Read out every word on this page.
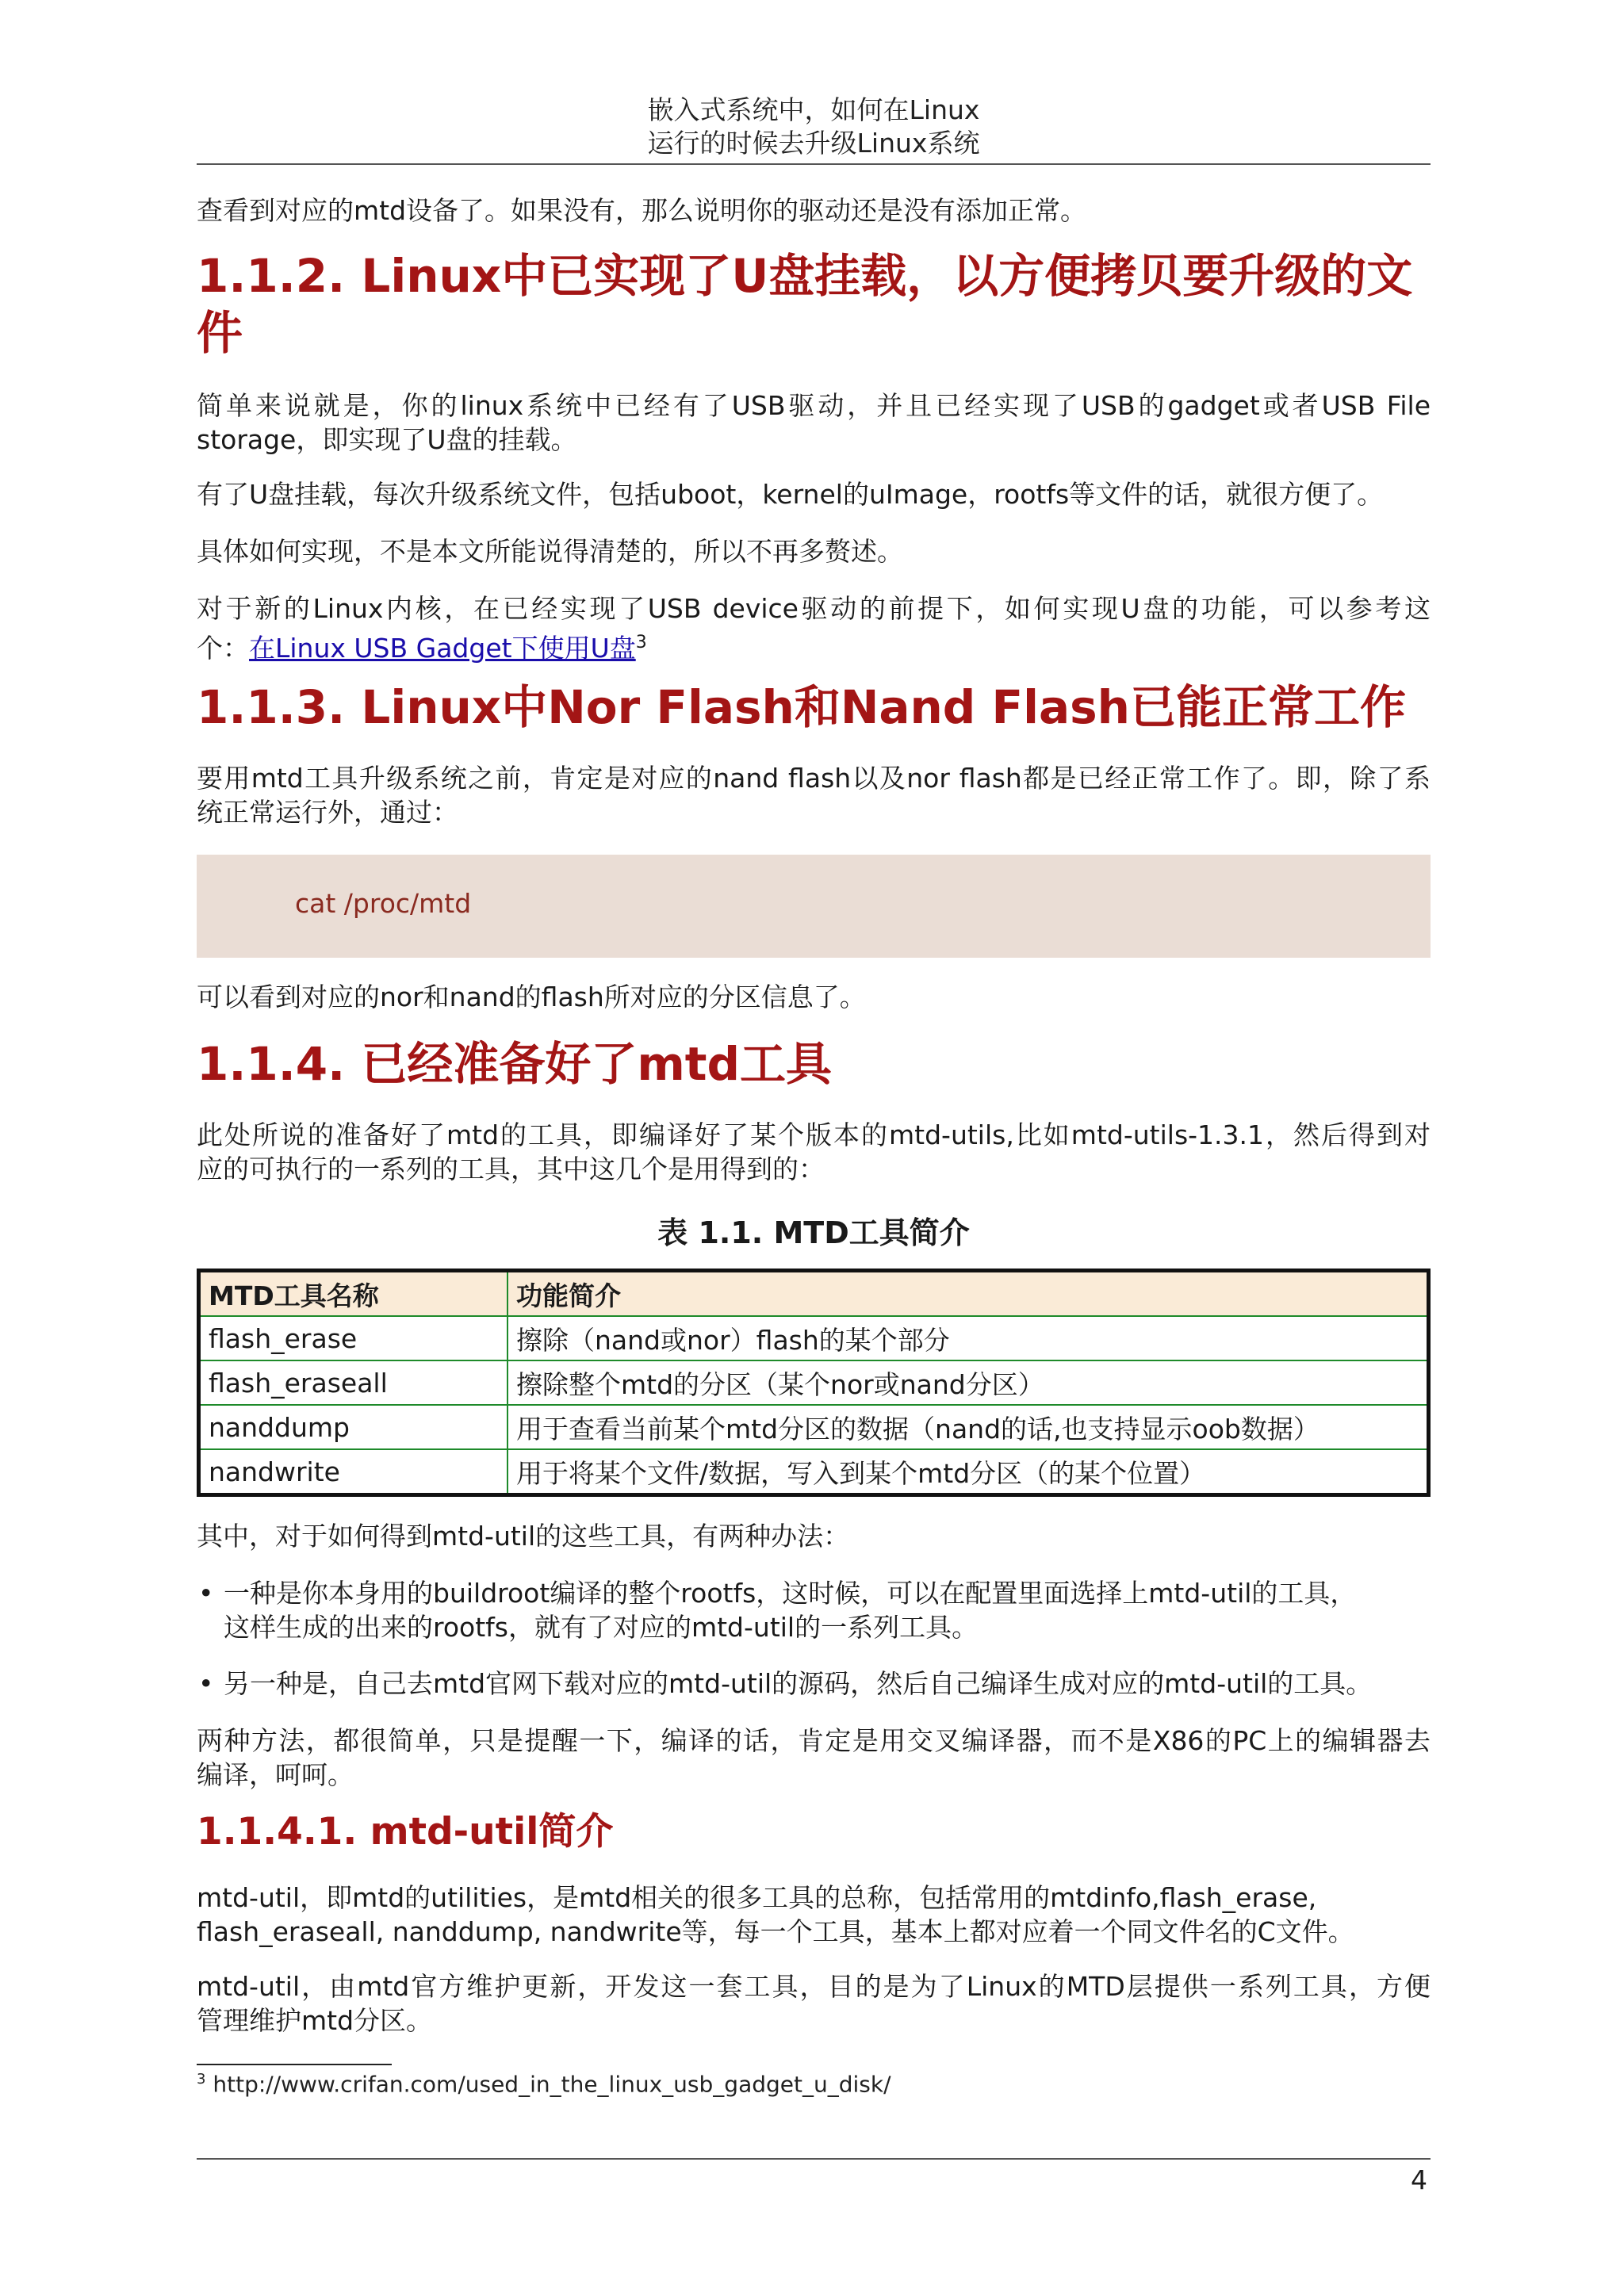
嵌入式系统中，如何在Linux
运行的时候去升级Linux系统

查看到对应的mtd设备了。如果没有，那么说明你的驱动还是没有添加正常。

1.1.2. Linux中已实现了U盘挂载，以方便拷贝要升级的文件

简单来说就是，你的linux系统中已经有了USB驱动，并且已经实现了USB的gadget或者USB File

storage，即实现了U盘的挂载。

有了U盘挂载，每次升级系统文件，包括uboot，kernel的uImage，rootfs等文件的话，就很方便了。

具体如何实现，不是本文所能说得清楚的，所以不再多赘述。

对于新的Linux内核，在已经实现了USB device驱动的前提下，如何实现U盘的功能，可以参考这

个：在Linux USB Gadget下使用U盘$^3$

1.1.3. Linux中Nor Flash和Nand Flash已能正常工作

要用mtd工具升级系统之前，肯定是对应的nand flash以及nor flash都是已经正常工作了。即，除了系

统正常运行外，通过：

cat /proc/mtd

可以看到对应的nor和nand的flash所对应的分区信息了。

1.1.4. 已经准备好了mtd工具

此处所说的准备好了mtd的工具，即编译好了某个版本的mtd-utils,比如mtd-utils-1.3.1，然后得到对

应的可执行的一系列的工具，其中这几个是用得到的：

表 1.1. MTD工具简介
MTD工具名称	功能简介
flash_erase	擦除（nand或nor）flash的某个部分
flash_eraseall	擦除整个mtd的分区（某个nor或nand分区）
nanddump	用于查看当前某个mtd分区的数据（nand的话,也支持显示oob数据）
nandwrite	用于将某个文件/数据，写入到某个mtd分区（的某个位置）

其中，对于如何得到mtd-util的这些工具，有两种办法：

• 一种是你本身用的buildroot编译的整个rootfs，这时候，可以在配置里面选择上mtd-util的工具，
这样生成的出来的rootfs，就有了对应的mtd-util的一系列工具。
• 另一种是，自己去mtd官网下载对应的mtd-util的源码，然后自己编译生成对应的mtd-util的工具。

两种方法，都很简单，只是提醒一下，编译的话，肯定是用交叉编译器，而不是X86的PC上的编辑器去

编译，呵呵。

1.1.4.1. mtd-util简介

mtd-util，即mtd的utilities，是mtd相关的很多工具的总称，包括常用的mtdinfo,flash_erase,

flash_eraseall, nanddump, nandwrite等，每一个工具，基本上都对应着一个同文件名的C文件。

mtd-util，由mtd官方维护更新，开发这一套工具，目的是为了Linux的MTD层提供一系列工具，方便

管理维护mtd分区。

$^3$ http://www.crifan.com/used_in_the_linux_usb_gadget_u_disk/
4
